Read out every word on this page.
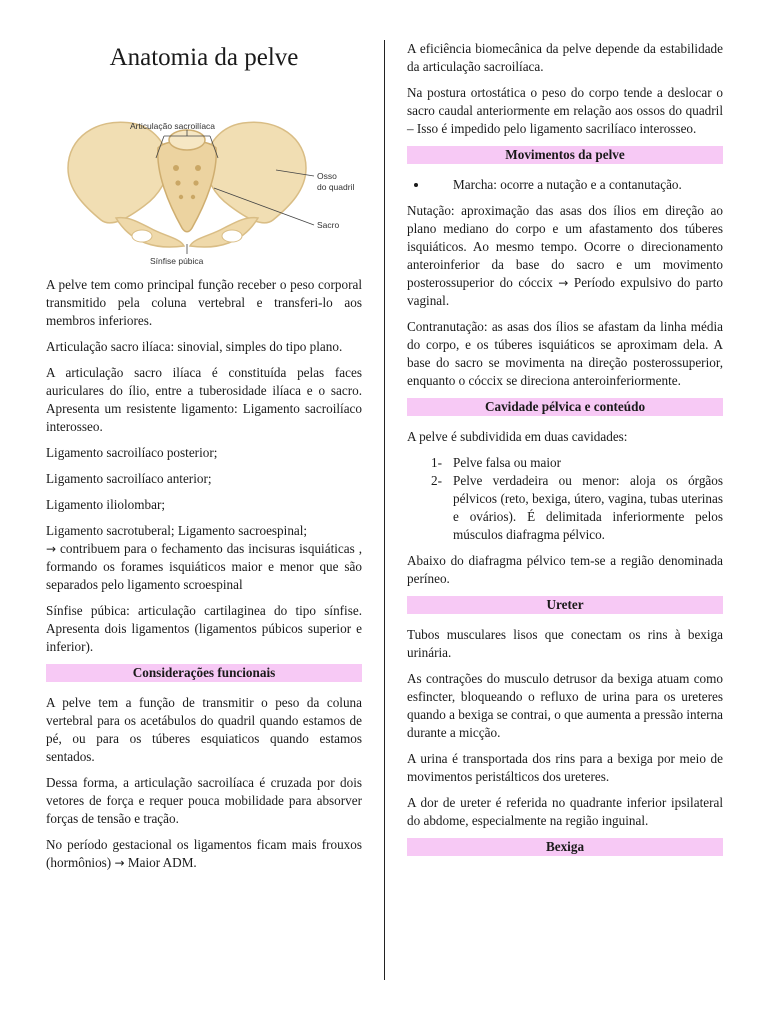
Anatomia da pelve
Articulação sacroilíaca
Osso
do quadril
Sacro
Sínfise púbica

A pelve tem como principal função receber o peso corporal transmitido pela coluna vertebral e transferi-lo aos membros inferiores.

Articulação sacro ilíaca: sinovial, simples do tipo plano.

A articulação sacro ilíaca é constituída pelas faces auriculares do ílio, entre a tuberosidade ilíaca e o sacro. Apresenta um resistente ligamento: Ligamento sacroilíaco interosseo.

Ligamento sacroilíaco posterior;

Ligamento sacroilíaco anterior;

Ligamento iliolombar;

Ligamento sacrotuberal; Ligamento sacroespinal;
→ contribuem para o fechamento das incisuras isquiáticas , formando os forames isquiáticos maior e menor que são separados pelo ligamento scroespinal

Sínfise púbica: articulação cartilaginea do tipo sínfise. Apresenta dois ligamentos (ligamentos púbicos superior e inferior).

Considerações funcionais

A pelve tem a função de transmitir o peso da coluna vertebral para os acetábulos do quadril quando estamos de pé, ou para os túberes esquiaticos quando estamos sentados.

Dessa forma, a articulação sacroilíaca é cruzada por dois vetores de força e requer pouca mobilidade para absorver forças de tensão e tração.

No período gestacional os ligamentos ficam mais frouxos (hormônios) → Maior ADM.

A eficiência biomecânica da pelve depende da estabilidade da articulação sacroilíaca.

Na postura ortostática o peso do corpo tende a deslocar o sacro caudal anteriormente em relação aos ossos do quadril – Isso é impedido pelo ligamento sacrilíaco interosseo.

Movimentos da pelve
• Marcha: ocorre a nutação e a contanutação.

Nutação: aproximação das asas dos ílios em direção ao plano mediano do corpo e um afastamento dos túberes isquiáticos. Ao mesmo tempo. Ocorre o direcionamento anteroinferior da base do sacro e um movimento posterossuperior do cóccix → Período expulsivo do parto vaginal.

Contranutação: as asas dos ílios se afastam da linha média do corpo, e os túberes isquiáticos se aproximam dela. A base do sacro se movimenta na direção posterossuperior, enquanto o cóccix se direciona anteroinferiormente.

Cavidade pélvica e conteúdo

A pelve é subdividida em duas cavidades:

1- Pelve falsa ou maior
2- Pelve verdadeira ou menor: aloja os órgãos pélvicos (reto, bexiga, útero, vagina, tubas uterinas e ovários). É delimitada inferiormente pelos músculos diafragma pélvico.

Abaixo do diafragma pélvico tem-se a região denominada períneo.

Ureter

Tubos musculares lisos que conectam os rins à bexiga urinária.

As contrações do musculo detrusor da bexiga atuam como esfincter, bloqueando o refluxo de urina para os ureteres quando a bexiga se contrai, o que aumenta a pressão interna durante a micção.

A urina é transportada dos rins para a bexiga por meio de movimentos peristálticos dos ureteres.

A dor de ureter é referida no quadrante inferior ipsilateral do abdome, especialmente na região inguinal.

Bexiga
